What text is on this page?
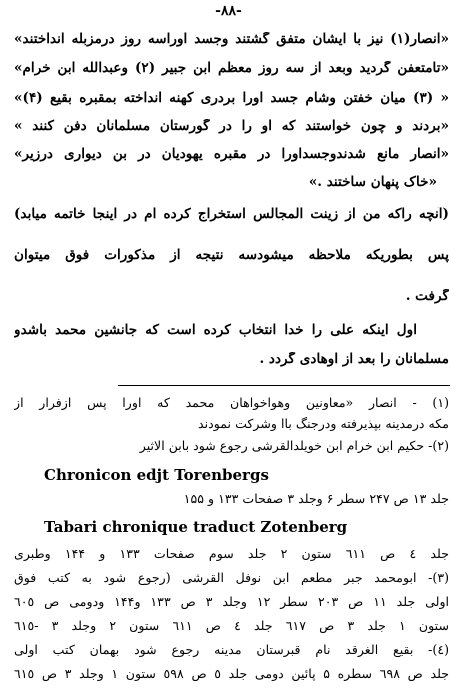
-٨٨-
«انصار(۱) نیز با ایشان متفق گشتند وجسد اوراسه روز درمزبله انداختند»
«تامتعفن گردید وبعد از سه روز معظم ابن جبیر (۲) وعبدالله ابن خرام»
« (۳) میان خفتن وشام جسد اورا بردری کهنه انداخته بمقبره بقیع (۴)»
«بردند و چون خواستند که او را در گورستان مسلمانان دفن کنند »
«انصار مانع شدندوجسداورا در مقبره یهودیان در بن دیواری درزیر»
«خاک پنهان ساختند .»
(آنچه راکه من از زینت المجالس استخراج کرده ام در اینجا خاتمه میابد)
پس بطوریکه ملاحظه میشودسه نتیجه از مذکورات فوق میتوان
گرفت .
اول اینکه علی را خدا انتخاب کرده است که جانشین محمد باشدو
مسلمانان را بعد از اوهادی گردد .
(۱) - انصار «معاونین وهواخواهان محمد که اورا پس ازفرار از
مکه درمدینه بپذیرفته ودرجنگ باا وشرکت نمودند
(۲)- حکیم ابن خرام ابن خویلدالقرشی رجوع شود بابن الاثیر
Chronicon edjt Torenbergs
جلد ۱۳ ص ۲۴۷ سطر ۶ وجلد ۳ صفحات ۱۳۳ و ۱۵۵
Tabari chronique traduct Zotenberg
جلد ٤ ص ٦١١ ستون ۲ جلد سوم صفحات ۱۳۳ و ۱۴۴ وطبری
(۳)- ابومحمد جبر مطعم ابن نوفل القرشی (رجوع شود به کتب فوق
اولی جلد ۱۱ ص ۲۰۳ سطر ۱۲ وجلد ۳ ص ۱۳۳ و۱۴۴ ودومی ص ٦٠٥
ستون ۱ جلد ۳ ص ٦١٧ جلد ٤ ص ٦١١ ستون ۲ وجلد ۳ -٦١٥
(٤)- بقیع الغرقد نام قبرستان مدینه رجوع شود بهمان کتب اولی
جلد ص ٦٩٨ سطره ۵ پائین دومی جلد ٥ ص ٥٩٨ ستون ۱ وجلد ۳ ص ٦١٥
